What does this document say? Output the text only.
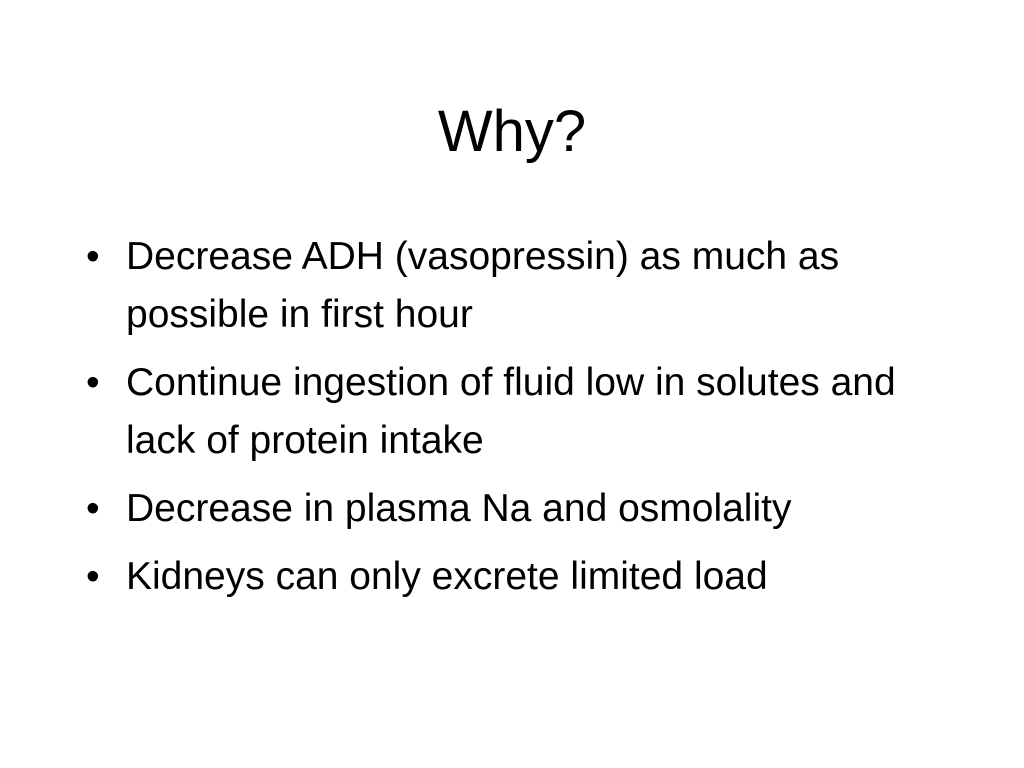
Why?
• Decrease ADH (vasopressin) as much as possible in first hour
• Continue ingestion of fluid low in solutes and lack of protein intake
• Decrease in plasma Na and osmolality
• Kidneys can only excrete limited load
